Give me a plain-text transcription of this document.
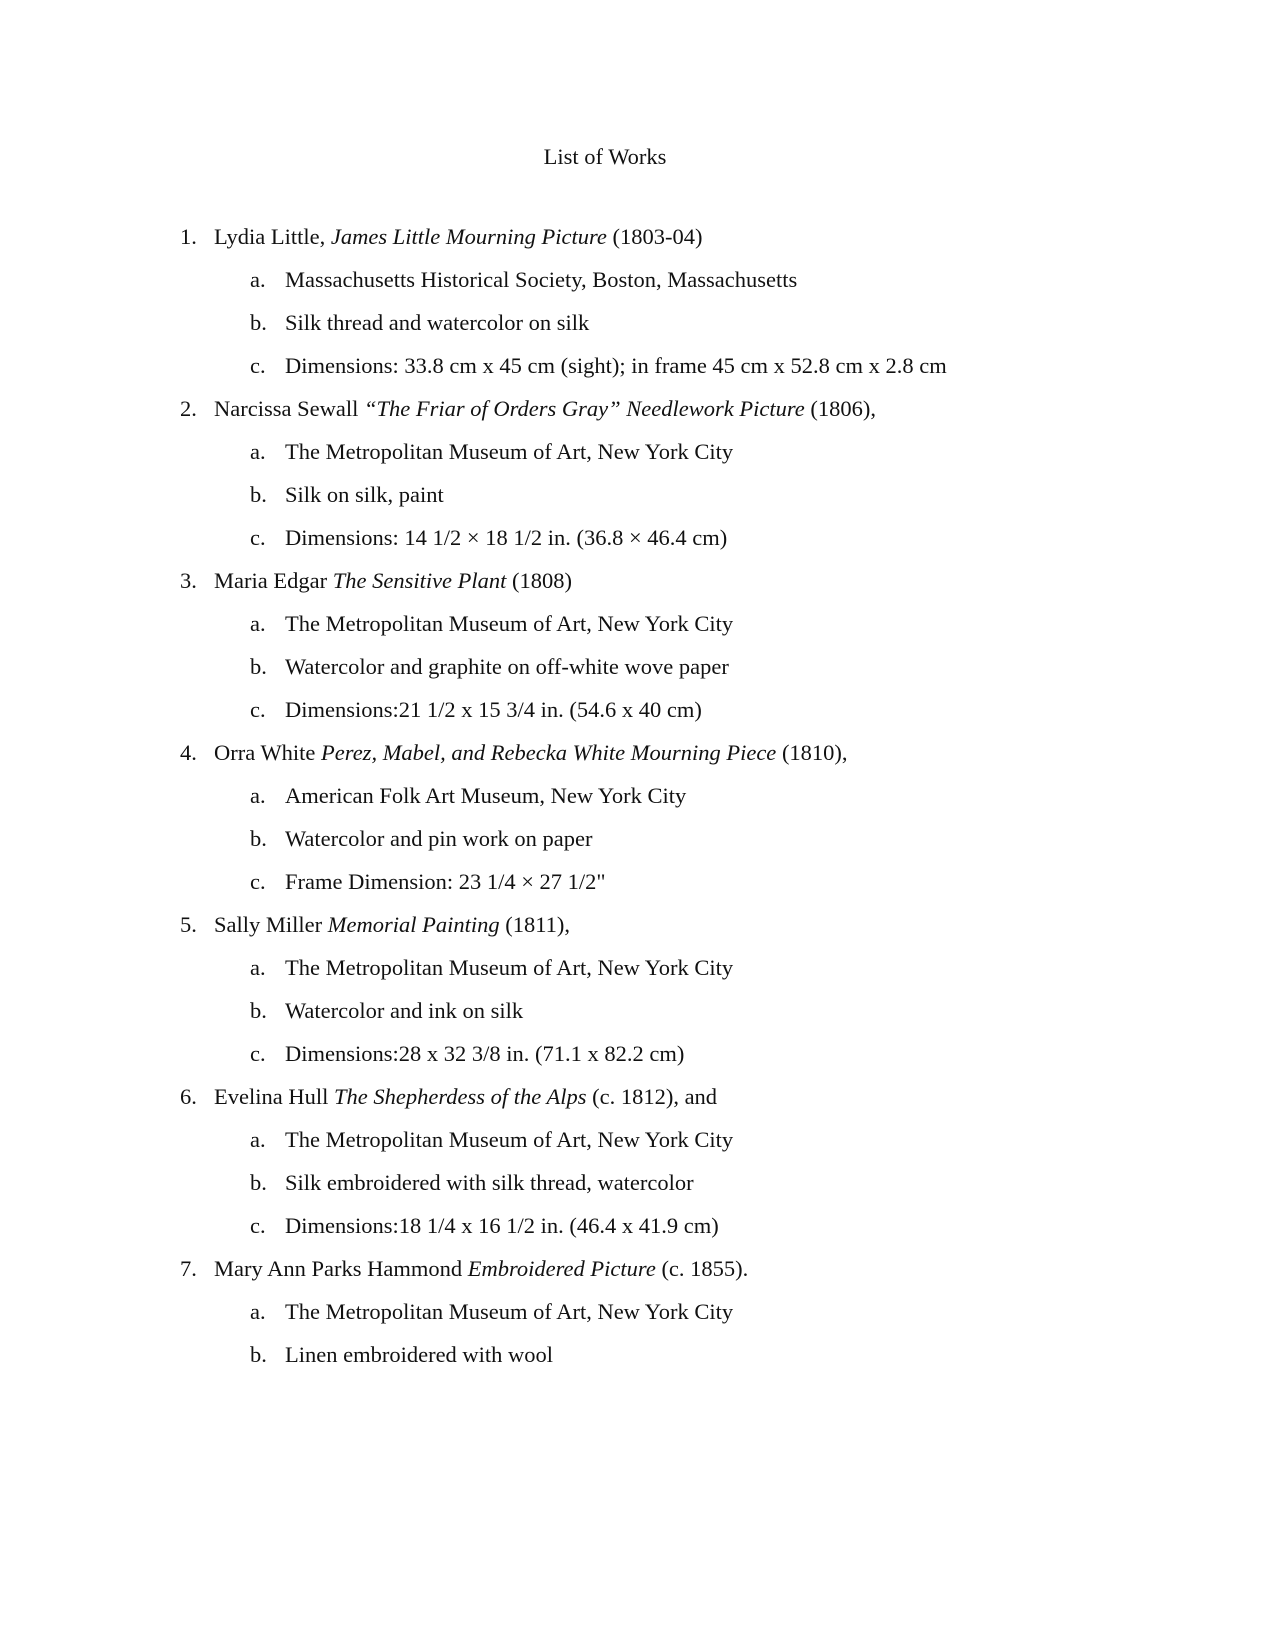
List of Works
1. Lydia Little, James Little Mourning Picture (1803-04)
a. Massachusetts Historical Society, Boston, Massachusetts
b. Silk thread and watercolor on silk
c. Dimensions: 33.8 cm x 45 cm (sight); in frame 45 cm x 52.8 cm x 2.8 cm
2. Narcissa Sewall “The Friar of Orders Gray” Needlework Picture (1806),
a. The Metropolitan Museum of Art, New York City
b. Silk on silk, paint
c. Dimensions: 14 1/2 × 18 1/2 in. (36.8 × 46.4 cm)
3. Maria Edgar The Sensitive Plant (1808)
a. The Metropolitan Museum of Art, New York City
b. Watercolor and graphite on off-white wove paper
c. Dimensions:21 1/2 x 15 3/4 in. (54.6 x 40 cm)
4. Orra White Perez, Mabel, and Rebecka White Mourning Piece (1810),
a. American Folk Art Museum, New York City
b. Watercolor and pin work on paper
c. Frame Dimension: 23 1/4 × 27 1/2"
5. Sally Miller Memorial Painting (1811),
a. The Metropolitan Museum of Art, New York City
b. Watercolor and ink on silk
c. Dimensions:28 x 32 3/8 in. (71.1 x 82.2 cm)
6. Evelina Hull The Shepherdess of the Alps (c. 1812), and
a. The Metropolitan Museum of Art, New York City
b. Silk embroidered with silk thread, watercolor
c. Dimensions:18 1/4 x 16 1/2 in. (46.4 x 41.9 cm)
7. Mary Ann Parks Hammond Embroidered Picture (c. 1855).
a. The Metropolitan Museum of Art, New York City
b. Linen embroidered with wool
